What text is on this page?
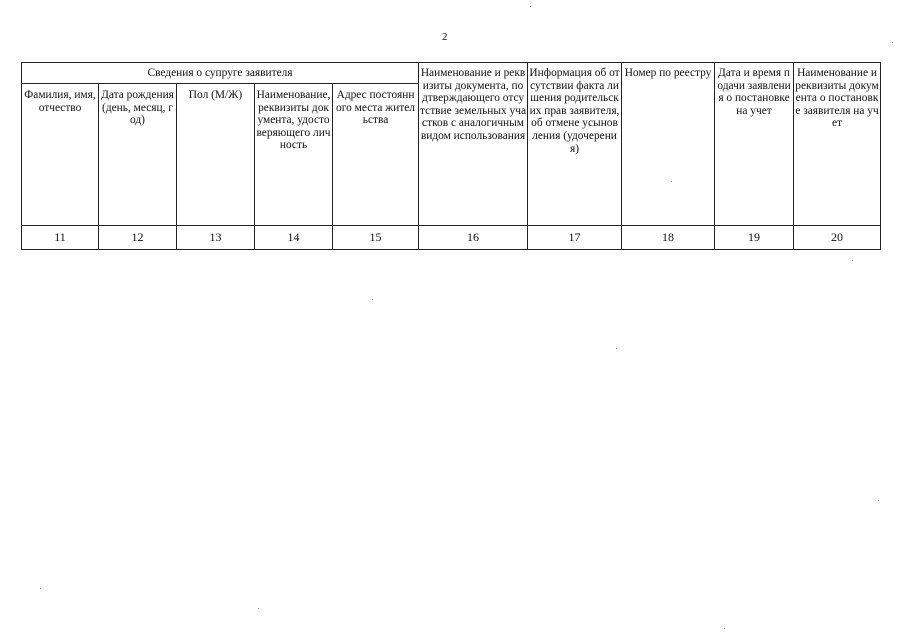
2
Сведения о супруге заявителя					Наименование и реквизиты документа, подтверждающего отсутствие земельных участков с аналогичным видом использования	Информация об отсутствии факта лишения родительских прав заявителя, об отмене усыновления (удочерения)	Номер по реестру	Дата и время подачи заявления о постановке на учет	Наименование и реквизиты документа о постановке заявителя на учет
Фамилия, имя, отчество	Дата рождения (день, месяц, год)	Пол (М/Ж)	Наименование, реквизиты документа, удостоверяющего личность	Адрес постоянного места жительства					
11	12	13	14	15	16	17	18	19	20
